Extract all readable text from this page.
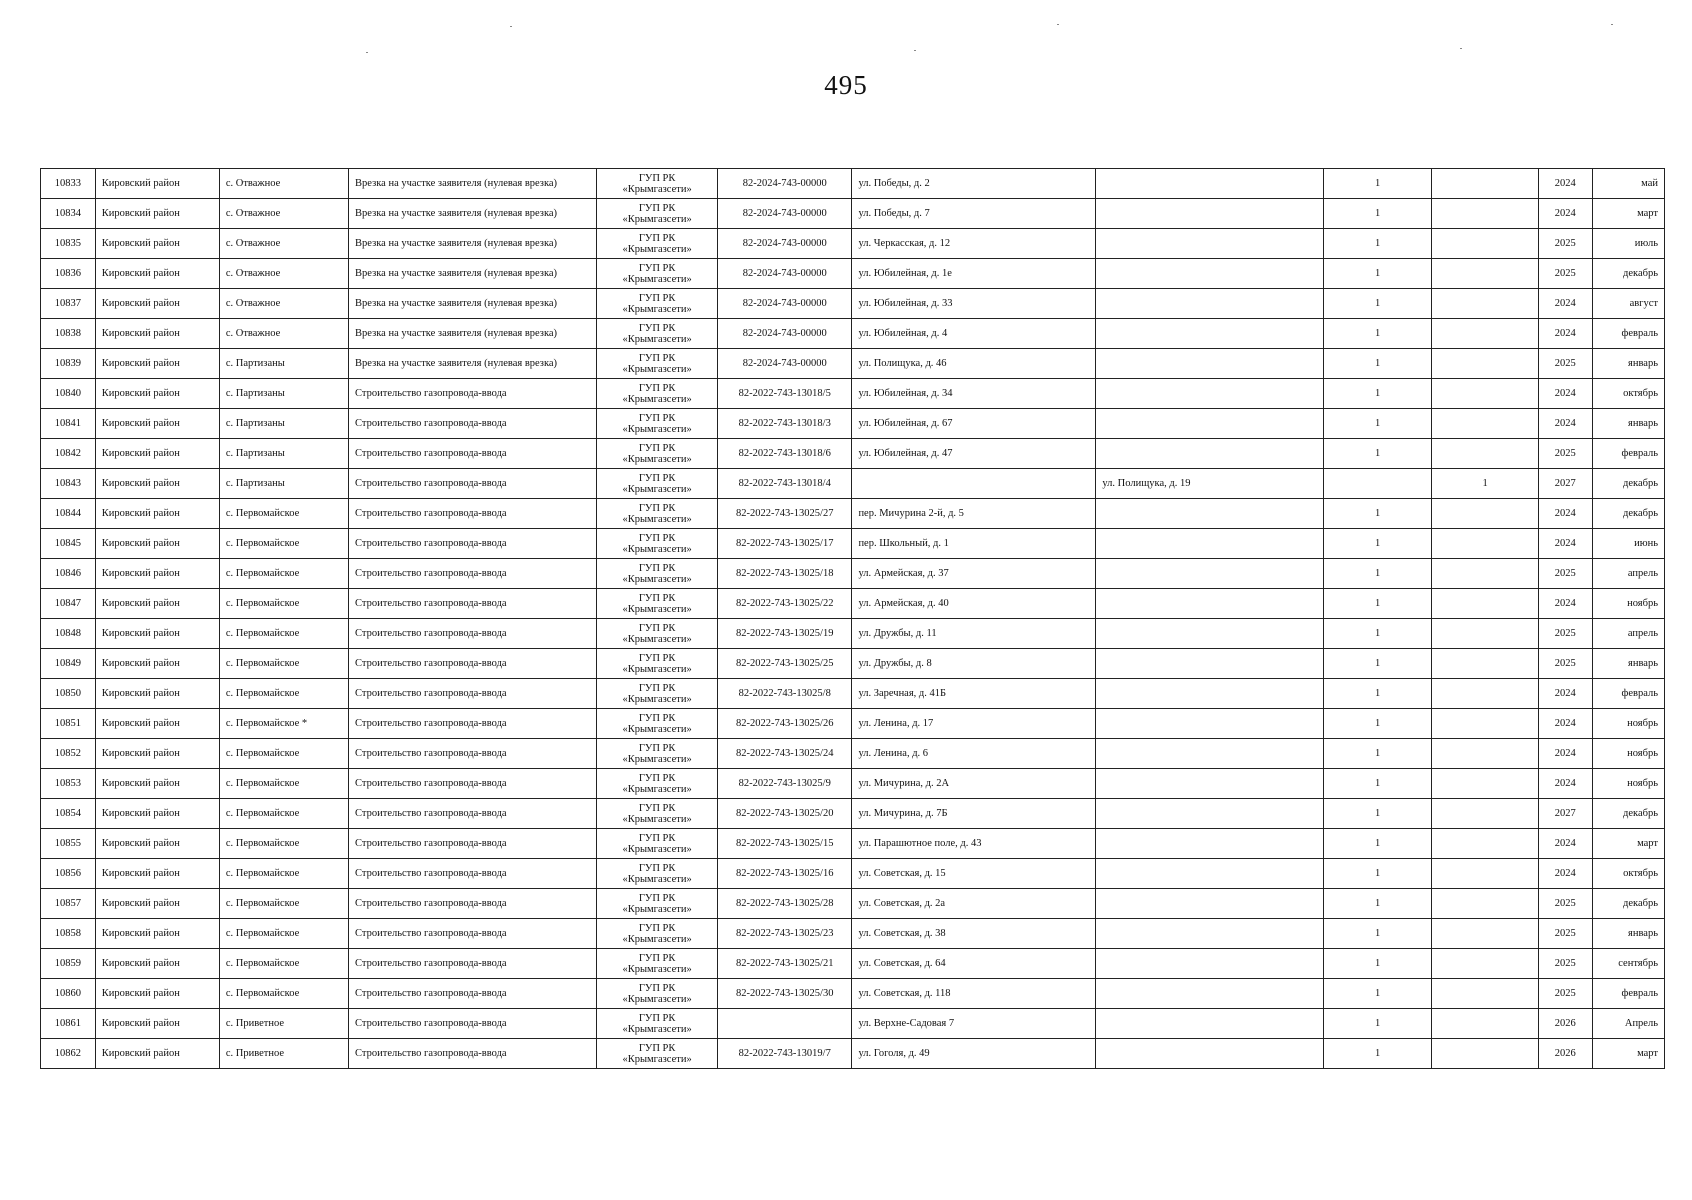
495
10833	Кировский район	с. Отважное	Врезка на участке заявителя (нулевая врезка)	ГУП РК «Крымгазсети»	82-2024-743-00000	ул. Победы, д. 2		1		2024	май
10834	Кировский район	с. Отважное	Врезка на участке заявителя (нулевая врезка)	ГУП РК «Крымгазсети»	82-2024-743-00000	ул. Победы, д. 7		1		2024	март
10835	Кировский район	с. Отважное	Врезка на участке заявителя (нулевая врезка)	ГУП РК «Крымгазсети»	82-2024-743-00000	ул. Черкасская, д. 12		1		2025	июль
10836	Кировский район	с. Отважное	Врезка на участке заявителя (нулевая врезка)	ГУП РК «Крымгазсети»	82-2024-743-00000	ул. Юбилейная, д. 1е		1		2025	декабрь
10837	Кировский район	с. Отважное	Врезка на участке заявителя (нулевая врезка)	ГУП РК «Крымгазсети»	82-2024-743-00000	ул. Юбилейная, д. 33		1		2024	август
10838	Кировский район	с. Отважное	Врезка на участке заявителя (нулевая врезка)	ГУП РК «Крымгазсети»	82-2024-743-00000	ул. Юбилейная, д. 4		1		2024	февраль
10839	Кировский район	с. Партизаны	Врезка на участке заявителя (нулевая врезка)	ГУП РК «Крымгазсети»	82-2024-743-00000	ул. Полищука, д. 46		1		2025	январь
10840	Кировский район	с. Партизаны	Строительство газопровода-ввода	ГУП РК «Крымгазсети»	82-2022-743-13018/5	ул. Юбилейная, д. 34		1		2024	октябрь
10841	Кировский район	с. Партизаны	Строительство газопровода-ввода	ГУП РК «Крымгазсети»	82-2022-743-13018/3	ул. Юбилейная, д. 67		1		2024	январь
10842	Кировский район	с. Партизаны	Строительство газопровода-ввода	ГУП РК «Крымгазсети»	82-2022-743-13018/6	ул. Юбилейная, д. 47		1		2025	февраль
10843	Кировский район	с. Партизаны	Строительство газопровода-ввода	ГУП РК «Крымгазсети»	82-2022-743-13018/4		ул. Полищука, д. 19		1	2027	декабрь
10844	Кировский район	с. Первомайское	Строительство газопровода-ввода	ГУП РК «Крымгазсети»	82-2022-743-13025/27	пер. Мичурина 2-й, д. 5		1		2024	декабрь
10845	Кировский район	с. Первомайское	Строительство газопровода-ввода	ГУП РК «Крымгазсети»	82-2022-743-13025/17	пер. Школьный, д. 1		1		2024	июнь
10846	Кировский район	с. Первомайское	Строительство газопровода-ввода	ГУП РК «Крымгазсети»	82-2022-743-13025/18	ул. Армейская, д. 37		1		2025	апрель
10847	Кировский район	с. Первомайское	Строительство газопровода-ввода	ГУП РК «Крымгазсети»	82-2022-743-13025/22	ул. Армейская, д. 40		1		2024	ноябрь
10848	Кировский район	с. Первомайское	Строительство газопровода-ввода	ГУП РК «Крымгазсети»	82-2022-743-13025/19	ул. Дружбы, д. 11		1		2025	апрель
10849	Кировский район	с. Первомайское	Строительство газопровода-ввода	ГУП РК «Крымгазсети»	82-2022-743-13025/25	ул. Дружбы, д. 8		1		2025	январь
10850	Кировский район	с. Первомайское	Строительство газопровода-ввода	ГУП РК «Крымгазсети»	82-2022-743-13025/8	ул. Заречная, д. 41Б		1		2024	февраль
10851	Кировский район	с. Первомайское *	Строительство газопровода-ввода	ГУП РК «Крымгазсети»	82-2022-743-13025/26	ул. Ленина, д. 17		1		2024	ноябрь
10852	Кировский район	с. Первомайское	Строительство газопровода-ввода	ГУП РК «Крымгазсети»	82-2022-743-13025/24	ул. Ленина, д. 6		1		2024	ноябрь
10853	Кировский район	с. Первомайское	Строительство газопровода-ввода	ГУП РК «Крымгазсети»	82-2022-743-13025/9	ул. Мичурина, д. 2А		1		2024	ноябрь
10854	Кировский район	с. Первомайское	Строительство газопровода-ввода	ГУП РК «Крымгазсети»	82-2022-743-13025/20	ул. Мичурина, д. 7Б		1		2027	декабрь
10855	Кировский район	с. Первомайское	Строительство газопровода-ввода	ГУП РК «Крымгазсети»	82-2022-743-13025/15	ул. Парашютное поле, д. 43		1		2024	март
10856	Кировский район	с. Первомайское	Строительство газопровода-ввода	ГУП РК «Крымгазсети»	82-2022-743-13025/16	ул. Советская, д. 15		1		2024	октябрь
10857	Кировский район	с. Первомайское	Строительство газопровода-ввода	ГУП РК «Крымгазсети»	82-2022-743-13025/28	ул. Советская, д. 2а		1		2025	декабрь
10858	Кировский район	с. Первомайское	Строительство газопровода-ввода	ГУП РК «Крымгазсети»	82-2022-743-13025/23	ул. Советская, д. 38		1		2025	январь
10859	Кировский район	с. Первомайское	Строительство газопровода-ввода	ГУП РК «Крымгазсети»	82-2022-743-13025/21	ул. Советская, д. 64		1		2025	сентябрь
10860	Кировский район	с. Первомайское	Строительство газопровода-ввода	ГУП РК «Крымгазсети»	82-2022-743-13025/30	ул. Советская, д. 118		1		2025	февраль
10861	Кировский район	с. Приветное	Строительство газопровода-ввода	ГУП РК «Крымгазсети»		ул. Верхне-Садовая 7		1		2026	Апрель
10862	Кировский район	с. Приветное	Строительство газопровода-ввода	ГУП РК «Крымгазсети»	82-2022-743-13019/7	ул. Гоголя, д. 49		1		2026	март
